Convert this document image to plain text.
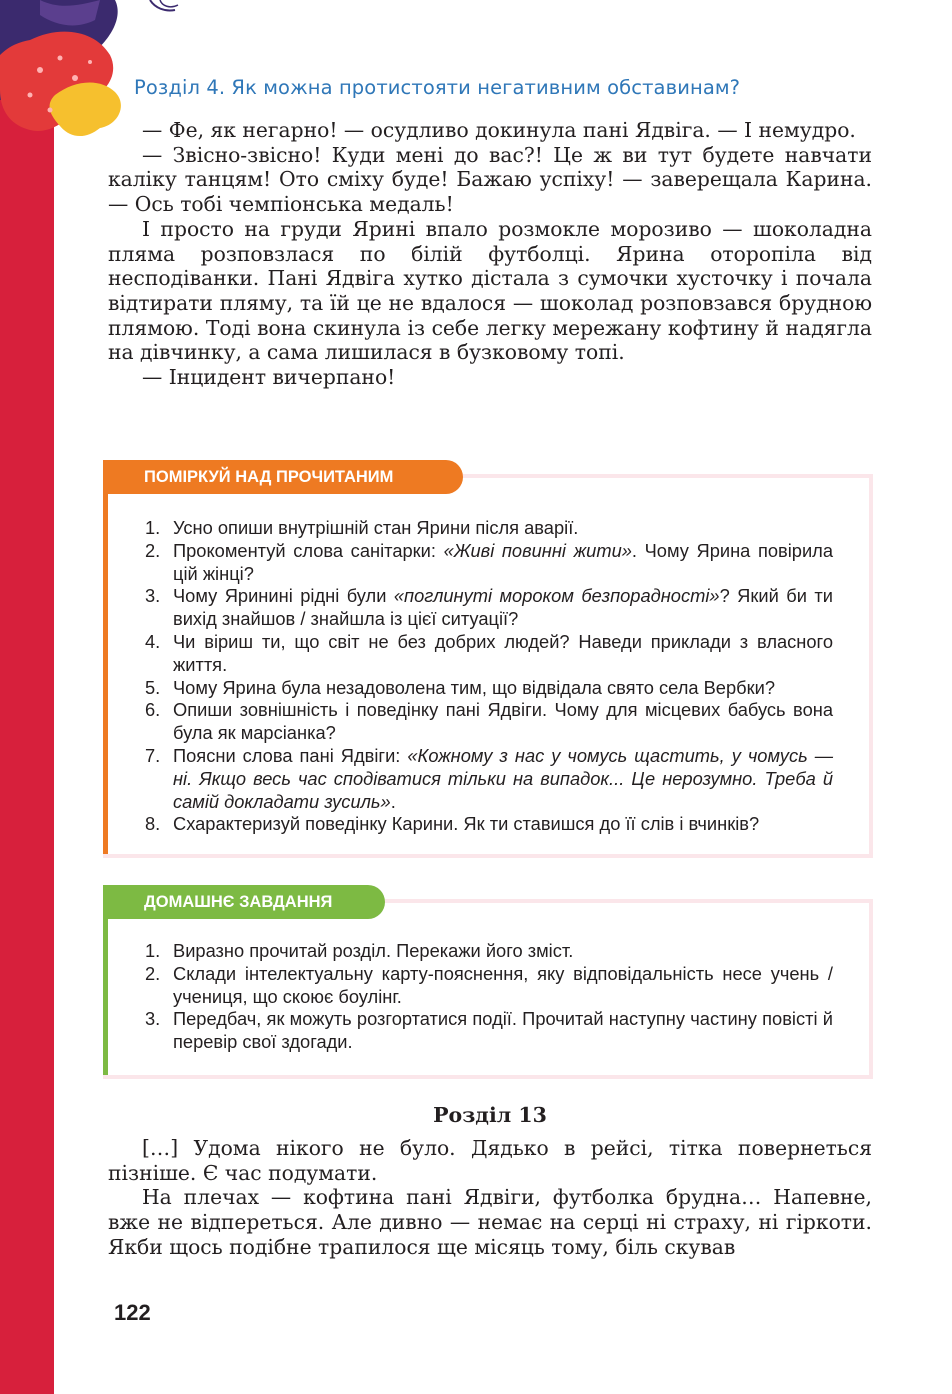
Розділ 4. Як можна протистояти негативним обставинам?

— Фе, як негарно! — осудливо докинула пані Ядвіга. — І немудро.

— Звісно-звісно! Куди мені до вас?! Це ж ви тут будете навчати каліку танцям! Ото сміху буде! Бажаю успіху! — заверещала Карина. — Ось тобі чемпіонська медаль!

І просто на груди Ярині впало розмокле морозиво — шоколадна пляма розповзлася по білій футболці. Ярина оторопіла від несподіванки. Пані Ядвіга хутко дістала з сумочки хусточку і почала відтирати пляму, та їй це не вдалося — шоколад розповзався брудною плямою. Тоді вона скинула із себе легку мережану кофтину й надягла на дівчинку, а сама лишилася в бузковому топі.

— Інцидент вичерпано!

1. Усно опиши внутрішній стан Ярини після аварії.
2. Прокоментуй слова санітарки: «Живі повинні жити». Чому Ярина повірила цій жінці?
3. Чому Яринині рідні були «поглинуті мороком безпорадності»? Який би ти вихід знайшов / знайшла із цієї ситуації?
4. Чи віриш ти, що світ не без добрих людей? Наведи приклади з власного життя.
5. Чому Ярина була незадоволена тим, що відвідала свято села Вербки?
6. Опиши зовнішність і поведінку пані Ядвіги. Чому для місцевих бабусь вона була як марсіанка?
7. Поясни слова пані Ядвіги: «Кожному з нас у чомусь щастить, у чомусь — ні. Якщо весь час сподіватися тільки на випадок... Це нерозумно. Треба й самій докладати зусиль».
8. Схарактеризуй поведінку Карини. Як ти ставишся до її слів і вчинків?
ПОМІРКУЙ НАД ПРОЧИТАНИМ
1. Виразно прочитай розділ. Перекажи його зміст.
2. Склади інтелектуальну карту-пояснення, яку відповідальність несе учень / учениця, що скоює боулінг.
3. Передбач, як можуть розгортатися події. Прочитай наступну частину повісті й перевір свої здогади.
ДОМАШНЄ ЗАВДАННЯ
Розділ 13

[…] Удома нікого не було. Дядько в рейсі, тітка повернеться пізніше. Є час подумати.

На плечах — кофтина пані Ядвіги, футболка брудна… Напевне, вже не відпереться. Але дивно — немає на серці ні страху, ні гіркоти. Якби щось подібне трапилося ще місяць тому, біль скував

122
